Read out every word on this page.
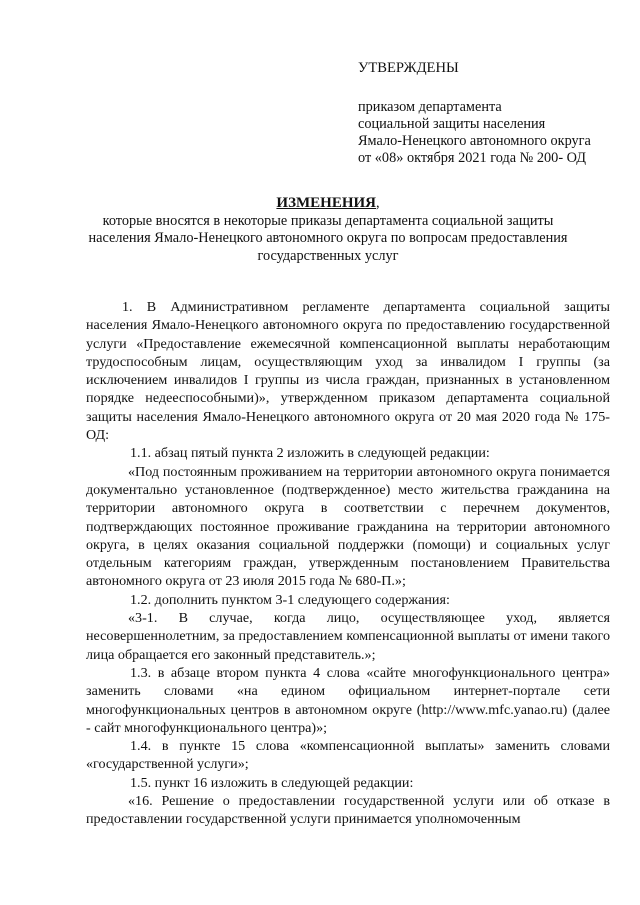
УТВЕРЖДЕНЫ
приказом департамента
социальной защиты населения
Ямало-Ненецкого автономного округа
от «08» октября 2021 года № 200- ОД
ИЗМЕНЕНИЯ,
которые вносятся в некоторые приказы департамента социальной защиты
населения Ямало-Ненецкого автономного округа по вопросам предоставления
государственных услуг

1. В Административном регламенте департамента социальной защиты населения Ямало-Ненецкого автономного округа по предоставлению государственной услуги «Предоставление ежемесячной компенсационной выплаты неработающим трудоспособным лицам, осуществляющим уход за инвалидом I группы (за исключением инвалидов I группы из числа граждан, признанных в установленном порядке недееспособными)», утвержденном приказом департамента социальной защиты населения Ямало-Ненецкого автономного округа от 20 мая 2020 года № 175-ОД:

1.1. абзац пятый пункта 2 изложить в следующей редакции:

«Под постоянным проживанием на территории автономного округа понимается документально установленное (подтвержденное) место жительства гражданина на территории автономного округа в соответствии с перечнем документов, подтверждающих постоянное проживание гражданина на территории автономного округа, в целях оказания социальной поддержки (помощи) и социальных услуг отдельным категориям граждан, утвержденным постановлением Правительства автономного округа от 23 июля 2015 года № 680-П.»;

1.2. дополнить пунктом 3-1 следующего содержания:

«3-1. В случае, когда лицо, осуществляющее уход, является несовершеннолетним, за предоставлением компенсационной выплаты от имени такого лица обращается его законный представитель.»;

1.3. в абзаце втором пункта 4 слова «сайте многофункционального центра» заменить словами «на едином официальном интернет-портале сети многофункциональных центров в автономном округе (http://www.mfc.yanao.ru) (далее - сайт многофункционального центра)»;

1.4. в пункте 15 слова «компенсационной выплаты» заменить словами «государственной услуги»;

1.5. пункт 16 изложить в следующей редакции:

«16. Решение о предоставлении государственной услуги или об отказе в предоставлении государственной услуги принимается уполномоченным
